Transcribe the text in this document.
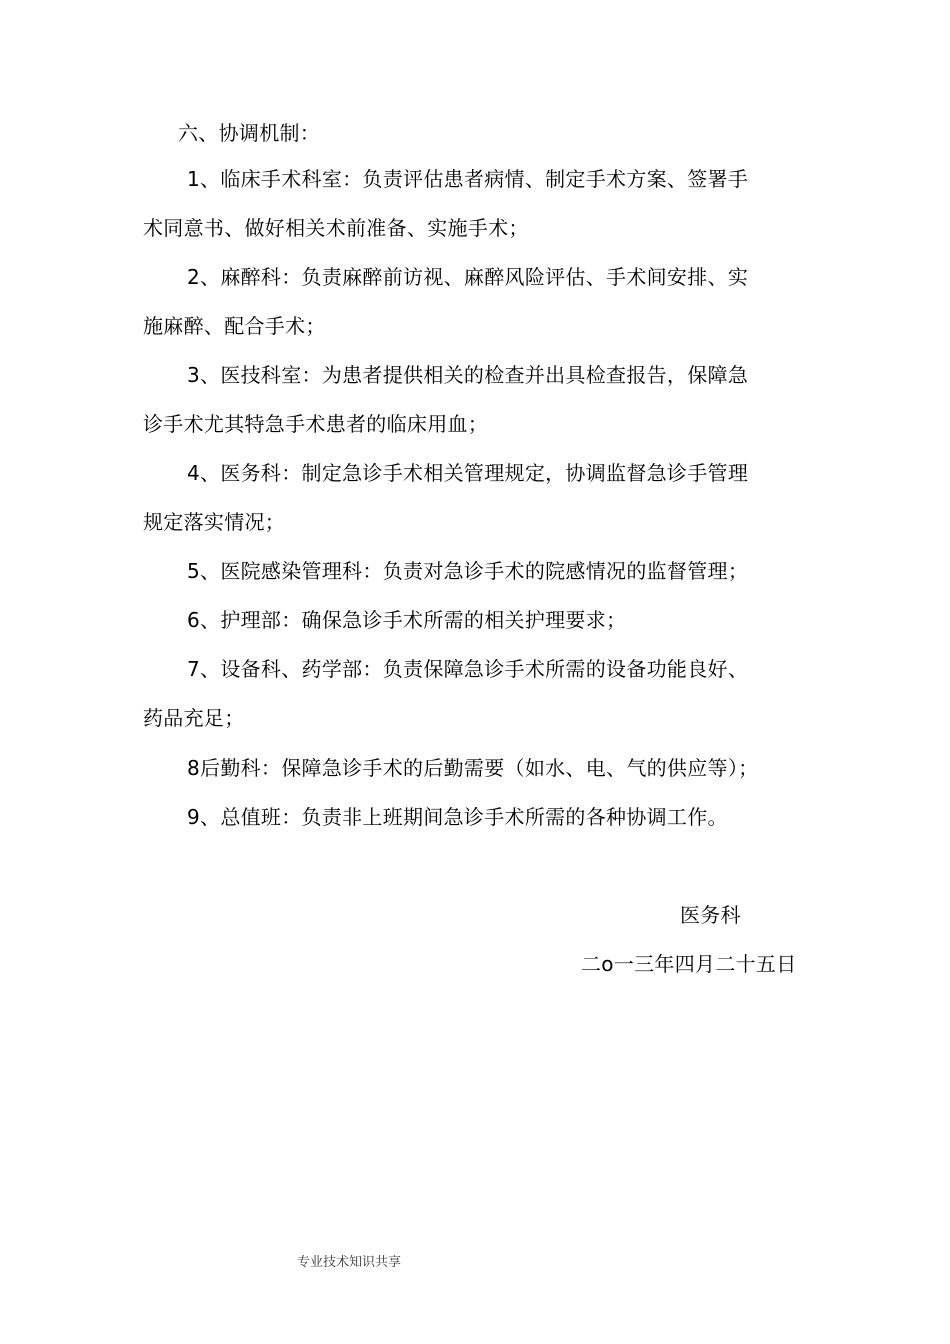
六、协调机制：
1、临床手术科室：负责评估患者病情、制定手术方案、签署手
术同意书、做好相关术前准备、实施手术；
2、麻醉科：负责麻醉前访视、麻醉风险评估、手术间安排、实
施麻醉、配合手术；
3、医技科室：为患者提供相关的检查并出具检查报告，保障急
诊手术尤其特急手术患者的临床用血；
4、医务科：制定急诊手术相关管理规定，协调监督急诊手管理
规定落实情况；
5、医院感染管理科：负责对急诊手术的院感情况的监督管理；
6、护理部：确保急诊手术所需的相关护理要求；
7、设备科、药学部：负责保障急诊手术所需的设备功能良好、
药品充足；
8后勤科：保障急诊手术的后勤需要（如水、电、气的供应等）；
9、总值班：负责非上班期间急诊手术所需的各种协调工作。
医务科
二o一三年四月二十五日
专业技术知识共享
